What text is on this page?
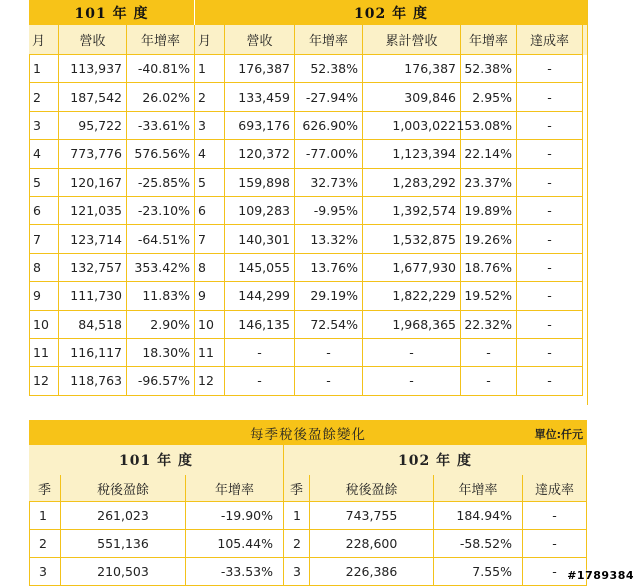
101 年 度	102 年 度
月	營收	年增率	月	營收	年增率	累計營收	年增率	達成率
1	113,937	-40.81% 1	176,387	52.38%	176,387 52.38%	-
2	187,542	26.02% 2	133,459	-27.94%	309,846	2.95%	-
3	95,722	-33.61% 3	693,176 626.90%	1,003,022 153.08%	-
4	773,776 576.56% 4	120,372	-77.00%	1,123,394 22.14%	-
5	120,167	-25.85% 5	159,898	32.73%	1,283,292 23.37%	-
6	121,035	-23.10% 6	109,283	-9.95%	1,392,574 19.89%	-
7	123,714	-64.51% 7	140,301	13.32%	1,532,875 19.26%	-
8	132,757 353.42% 8	145,055	13.76%	1,677,930 18.76%	-
9	111,730	11.83% 9	144,299	29.19%	1,822,229 19.52%	-
10	84,518	2.90% 10	146,135	72.54%	1,968,365 22.32%	-
11	116,117	18.30% 11	-	-	-	-	-
12	118,763	-96.57% 12	-	-	-	-	-
每季稅後盈餘變化	單位:仟元
101 年 度	102 年 度
季	稅後盈餘	年增率	季	稅後盈餘	年增率	達成率
1	261,023	-19.90%	1	743,755	184.94%	-
2	551,136	105.44%	2	228,600	-58.52%	-
3	210,503	-33.53%	3	226,386	7.55%	- #1789384
